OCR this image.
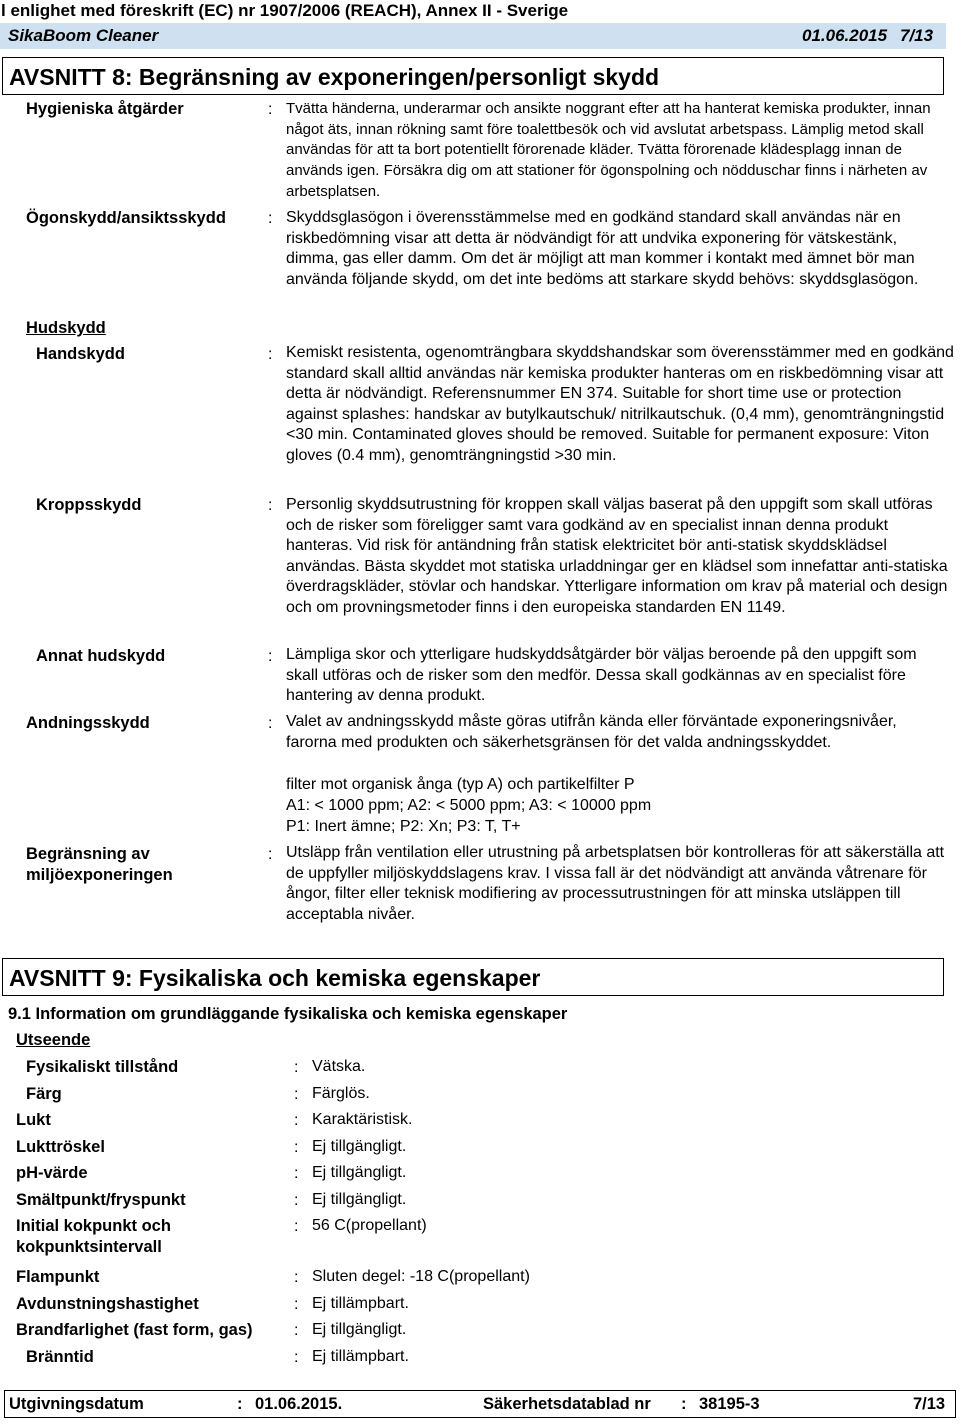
l enlighet med föreskrift (EC) nr 1907/2006 (REACH), Annex II - Sverige
SikaBoom Cleaner	01.06.2015 7/13
AVSNITT 8: Begränsning av exponeringen/personligt skydd
Hygieniska åtgärder	: Tvätta händerna, underarmar och ansikte noggrant efter att ha hanterat kemiska produkter, innan något äts, innan rökning samt före toalettbesök och vid avslutat arbetspass. Lämplig metod skall användas för att ta bort potentiellt förorenade kläder. Tvätta förorenade klädesplagg innan de används igen. Försäkra dig om att stationer för ögonspolning och nödduschar finns i närheten av arbetsplatsen.
Ögonskydd/ansiktsskydd	: Skyddsglasögon i överensstämmelse med en godkänd standard skall användas när en riskbedömning visar att detta är nödvändigt för att undvika exponering för vätskestänk, dimma, gas eller damm. Om det är möjligt att man kommer i kontakt med ämnet bör man använda följande skydd, om det inte bedöms att starkare skydd behövs: skyddsglasögon.
Hudskydd
Handskydd	: Kemiskt resistenta, ogenomträngbara skyddshandskar som överensstämmer med en godkänd standard skall alltid användas när kemiska produkter hanteras om en riskbedömning visar att detta är nödvändigt. Referensnummer EN 374. Suitable for short time use or protection against splashes: handskar av butylkautschuk/ nitrilkautschuk. (0,4 mm), genomträngningstid <30 min. Contaminated gloves should be removed. Suitable for permanent exposure: Viton gloves (0.4 mm), genomträngningstid >30 min.
Kroppsskydd	: Personlig skyddsutrustning för kroppen skall väljas baserat på den uppgift som skall utföras och de risker som föreligger samt vara godkänd av en specialist innan denna produkt hanteras. Vid risk för antändning från statisk elektricitet bör anti-statisk skyddsklädsel användas. Bästa skyddet mot statiska urladdningar ger en klädsel som innefattar anti-statiska överdragskläder, stövlar och handskar. Ytterligare information om krav på material och design och om provningsmetoder finns i den europeiska standarden EN 1149.
Annat hudskydd	: Lämpliga skor och ytterligare hudskyddsåtgärder bör väljas beroende på den uppgift som skall utföras och de risker som den medför. Dessa skall godkännas av en specialist före hantering av denna produkt.
Andningsskydd	: Valet av andningsskydd måste göras utifrån kända eller förväntade exponeringsnivåer, farorna med produkten och säkerhetsgränsen för det valda andningsskyddet.
filter mot organisk ånga (typ A) och partikelfilter P
A1: < 1000 ppm; A2: < 5000 ppm; A3: < 10000 ppm
P1: Inert ämne; P2: Xn; P3: T, T+
Begränsning av miljöexponeringen
: Utsläpp från ventilation eller utrustning på arbetsplatsen bör kontrolleras för att säkerställa att de uppfyller miljöskyddslagens krav. I vissa fall är det nödvändigt att använda våtrenare för ångor, filter eller teknisk modifiering av processutrustningen för att minska utsläppen till acceptabla nivåer.
AVSNITT 9: Fysikaliska och kemiska egenskaper
9.1 Information om grundläggande fysikaliska och kemiska egenskaper
Utseende
Fysikaliskt tillstånd	: Vätska.
Färg	: Färglös.
Lukt	: Karaktäristisk.
Lukttröskel	: Ej tillgängligt.
pH-värde	: Ej tillgängligt.
Smältpunkt/fryspunkt	: Ej tillgängligt.
Initial kokpunkt och kokpunktsintervall
: 56 C(propellant)
Flampunkt	: Sluten degel: -18 C(propellant)
Avdunstningshastighet	: Ej tillämpbart.
Brandfarlighet (fast form, gas)	: Ej tillgängligt.
Bränntid	: Ej tillämpbart.
Utgivningsdatum	: 01.06.2015.	Säkerhetsdatablad nr : 38195-3	7/13
